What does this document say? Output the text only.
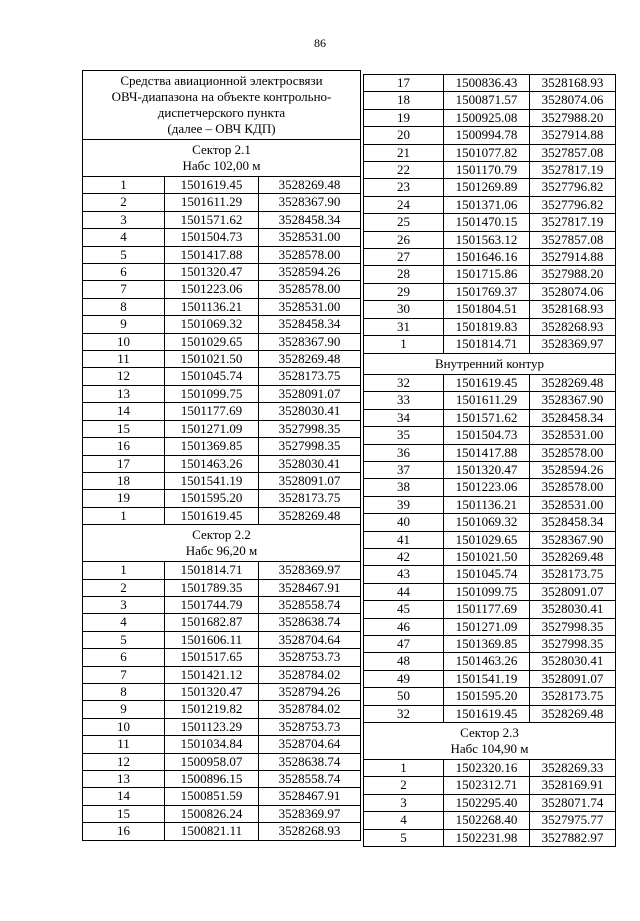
86
Средства авиационной электросвязи
ОВЧ-диапазона на объекте контрольно-
диспетчерского пункта
(далее – ОВЧ КДП)		

Сектор 2.1
Набс 102,00 м		

1	1501619.45	3528269.48
2	1501611.29	3528367.90
3	1501571.62	3528458.34
4	1501504.73	3528531.00
5	1501417.88	3528578.00
6	1501320.47	3528594.26
7	1501223.06	3528578.00
8	1501136.21	3528531.00
9	1501069.32	3528458.34
10	1501029.65	3528367.90
11	1501021.50	3528269.48
12	1501045.74	3528173.75
13	1501099.75	3528091.07
14	1501177.69	3528030.41
15	1501271.09	3527998.35
16	1501369.85	3527998.35
17	1501463.26	3528030.41
18	1501541.19	3528091.07
19	1501595.20	3528173.75
1	1501619.45	3528269.48

Сектор 2.2
Набс 96,20 м		

1	1501814.71	3528369.97
2	1501789.35	3528467.91
3	1501744.79	3528558.74
4	1501682.87	3528638.74
5	1501606.11	3528704.64
6	1501517.65	3528753.73
7	1501421.12	3528784.02
8	1501320.47	3528794.26
9	1501219.82	3528784.02
10	1501123.29	3528753.73
11	1501034.84	3528704.64
12	1500958.07	3528638.74
13	1500896.15	3528558.74
14	1500851.59	3528467.91
15	1500826.24	3528369.97
16	1500821.11	3528268.93
17	1500836.43	3528168.93
18	1500871.57	3528074.06
19	1500925.08	3527988.20
20	1500994.78	3527914.88
21	1501077.82	3527857.08
22	1501170.79	3527817.19
23	1501269.89	3527796.82
24	1501371.06	3527796.82
25	1501470.15	3527817.19
26	1501563.12	3527857.08
27	1501646.16	3527914.88
28	1501715.86	3527988.20
29	1501769.37	3528074.06
30	1501804.51	3528168.93
31	1501819.83	3528268.93
1	1501814.71	3528369.97
Внутренний контур		
32	1501619.45	3528269.48
33	1501611.29	3528367.90
34	1501571.62	3528458.34
35	1501504.73	3528531.00
36	1501417.88	3528578.00
37	1501320.47	3528594.26
38	1501223.06	3528578.00
39	1501136.21	3528531.00
40	1501069.32	3528458.34
41	1501029.65	3528367.90
42	1501021.50	3528269.48
43	1501045.74	3528173.75
44	1501099.75	3528091.07
45	1501177.69	3528030.41
46	1501271.09	3527998.35
47	1501369.85	3527998.35
48	1501463.26	3528030.41
49	1501541.19	3528091.07
50	1501595.20	3528173.75
32	1501619.45	3528269.48

Сектор 2.3
Набс 104,90 м		

1	1502320.16	3528269.33
2	1502312.71	3528169.91
3	1502295.40	3528071.74
4	1502268.40	3527975.77
5	1502231.98	3527882.97
